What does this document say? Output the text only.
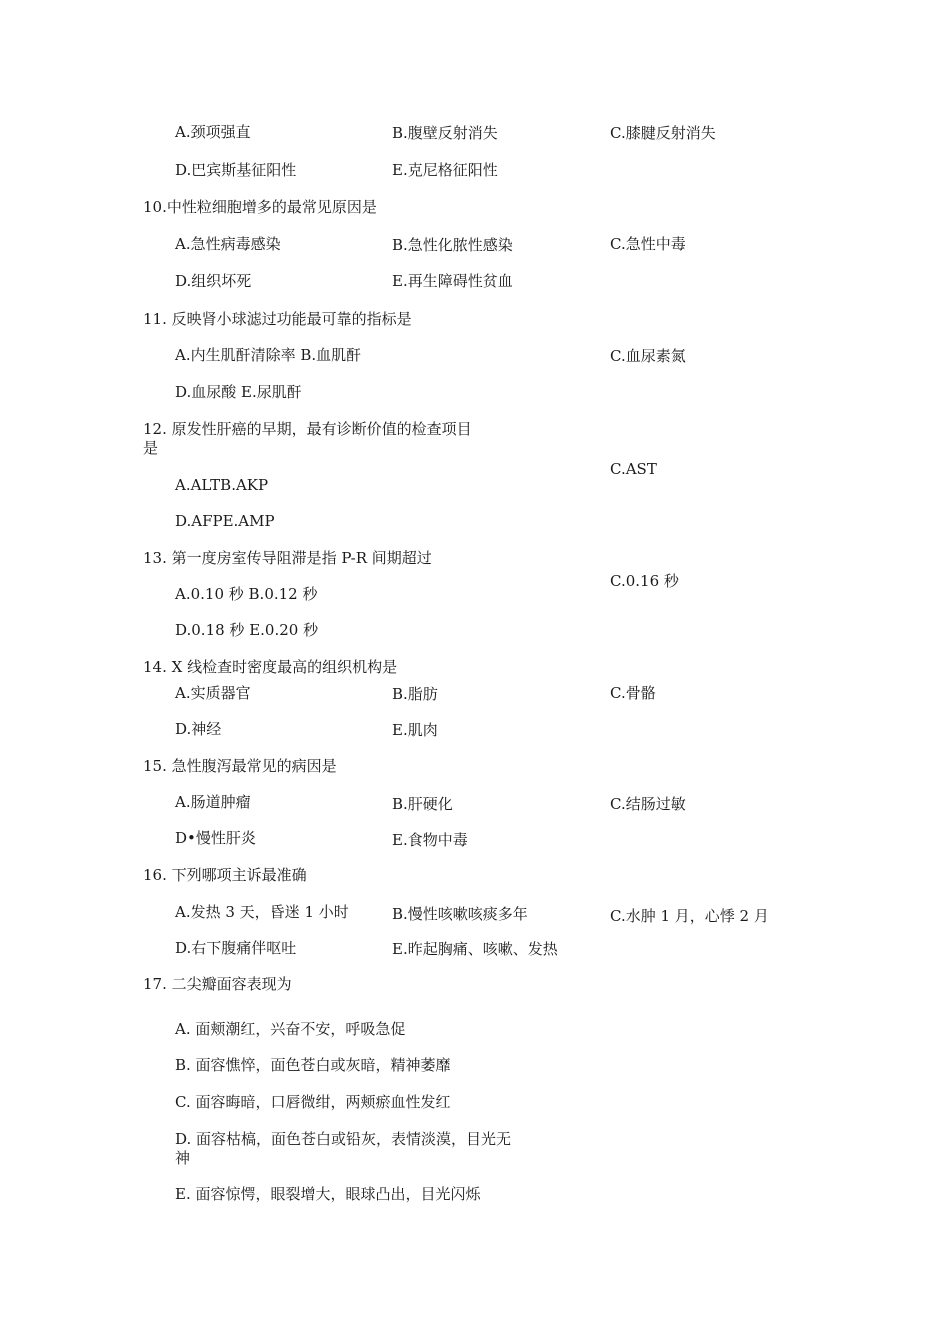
A.颈项强直	B.腹壁反射消失	C.膝腱反射消失
D.巴宾斯基征阳性	E.克尼格征阳性
10.中性粒细胞增多的最常见原因是
A.急性病毒感染	B.急性化脓性感染	C.急性中毒
D.组织坏死	E.再生障碍性贫血
11. 反映肾小球滤过功能最可靠的指标是
A.内生肌酐清除率 B.血肌酐	C.血尿素氮
D.血尿酸 E.尿肌酐
12. 原发性肝癌的早期，最有诊断价值的检查项目
是
C.AST
A.ALTB.AKP
D.AFPE.AMP
13. 第一度房室传导阻滞是指 P-R 间期超过
C.0.16 秒
A.0.10 秒 B.0.12 秒
D.0.18 秒 E.0.20 秒
14. X 线检查时密度最高的组织机构是
A.实质器官	B.脂肪	C.骨骼
D.神经	E.肌肉
15. 急性腹泻最常见的病因是
A.肠道肿瘤	B.肝硬化	C.结肠过敏
D•慢性肝炎	E.食物中毒
16. 下列哪项主诉最准确
A.发热 3 天，昏迷 1 小时	B.慢性咳嗽咳痰多年	C.水肿 1 月，心悸 2 月
D.右下腹痛伴呕吐	E.昨起胸痛、咳嗽、发热
17. 二尖瓣面容表现为
A. 面颊潮红，兴奋不安，呼吸急促
B. 面容憔悴，面色苍白或灰暗，精神萎靡
C. 面容晦暗，口唇微绀，两颊瘀血性发红
D. 面容枯槁，面色苍白或铅灰，表情淡漠，目光无
神
E. 面容惊愕，眼裂增大，眼球凸出，目光闪烁
